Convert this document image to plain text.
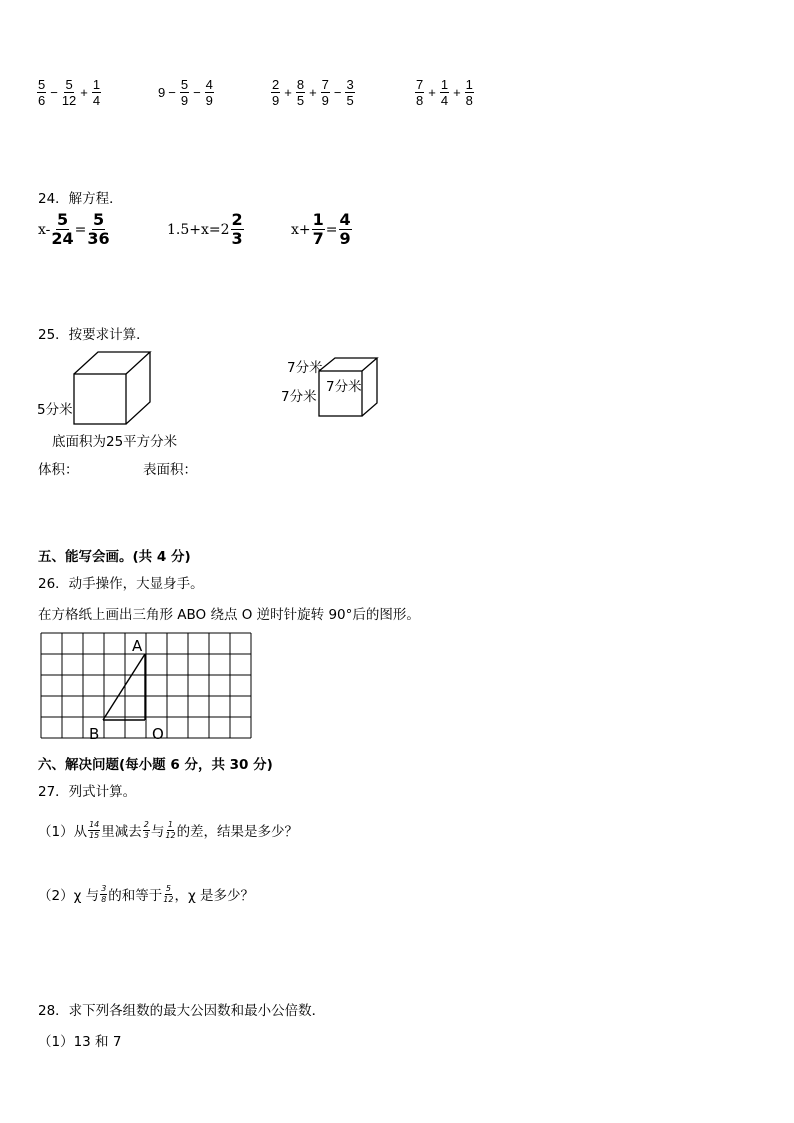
$\frac{5}{6} - \frac{5}{12} + \frac{1}{4}$	$9 - \frac{5}{9} - \frac{4}{9}$	$\frac{2}{9} + \frac{8}{5} + \frac{7}{9} - \frac{3}{5}$	$\frac{7}{8} + \frac{1}{4} + \frac{1}{8}$
24．解方程．
$x- \frac{5}{24} = \frac{5}{36}$	$1.5+x=2 \frac{2}{3}$	$x+ \frac{1}{7} = \frac{4}{9}$
25．按要求计算．
5分米
底面积为25平方分米
7分米
7分米
7分米
体积：	表面积：
五、能写会画。(共 4 分)
26．动手操作，大显身手。
在方格纸上画出三角形 ABO 绕点 O 逆时针旋转 90°后的图形。
A
B	O
六、解决问题(每小题 6 分，共 30 分)
27．列式计算。
（1）从 $\frac{14}{15}$ 里减去 $\frac{2}{3}$ 与 $\frac{1}{12}$ 的差，结果是多少？
（2）χ 与 $\frac{3}{8}$ 的和等于 $\frac{5}{12}$ ，χ 是多少？
28．求下列各组数的最大公因数和最小公倍数．
（1）13 和 7
